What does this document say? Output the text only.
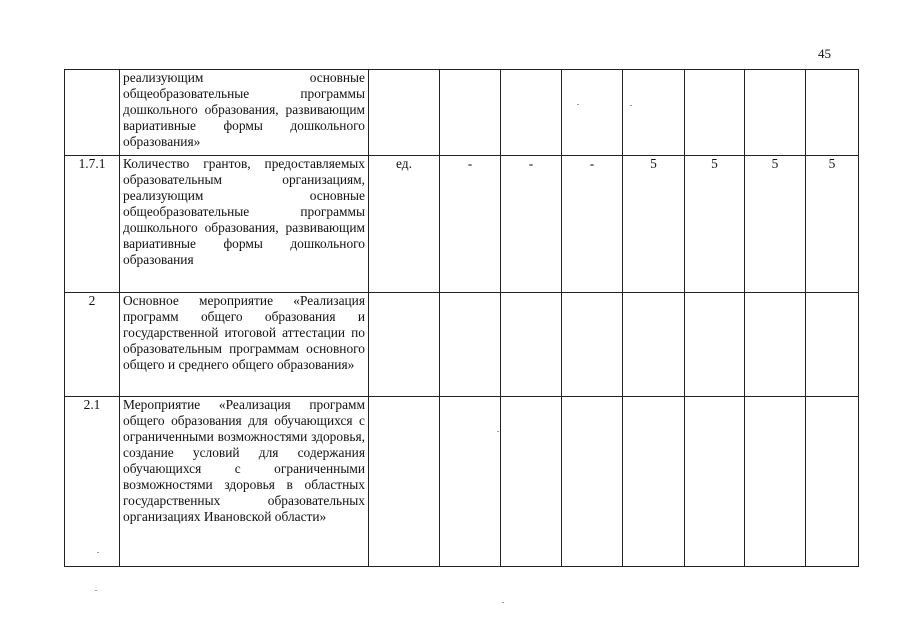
45
	реализующим основные общеобразовательные программы дошкольного образования, развивающим вариативные формы дошкольного образования»								
1.7.1	Количество грантов, предоставляемых образовательным организациям, реализующим основные общеобразовательные программы дошкольного образования, развивающим вариативные формы дошкольного образования	ед.	-	-	-	5	5	5	5
2	Основное мероприятие «Реализация программ общего образования и государственной итоговой аттестации по образовательным программам основного общего и среднего общего образования»								
2.1	Мероприятие «Реализация программ общего образования для обучающихся с ограниченными возможностями здоровья, создание условий для содержания обучающихся с ограниченными возможностями здоровья в областных государственных образовательных организациях Ивановской области»								
